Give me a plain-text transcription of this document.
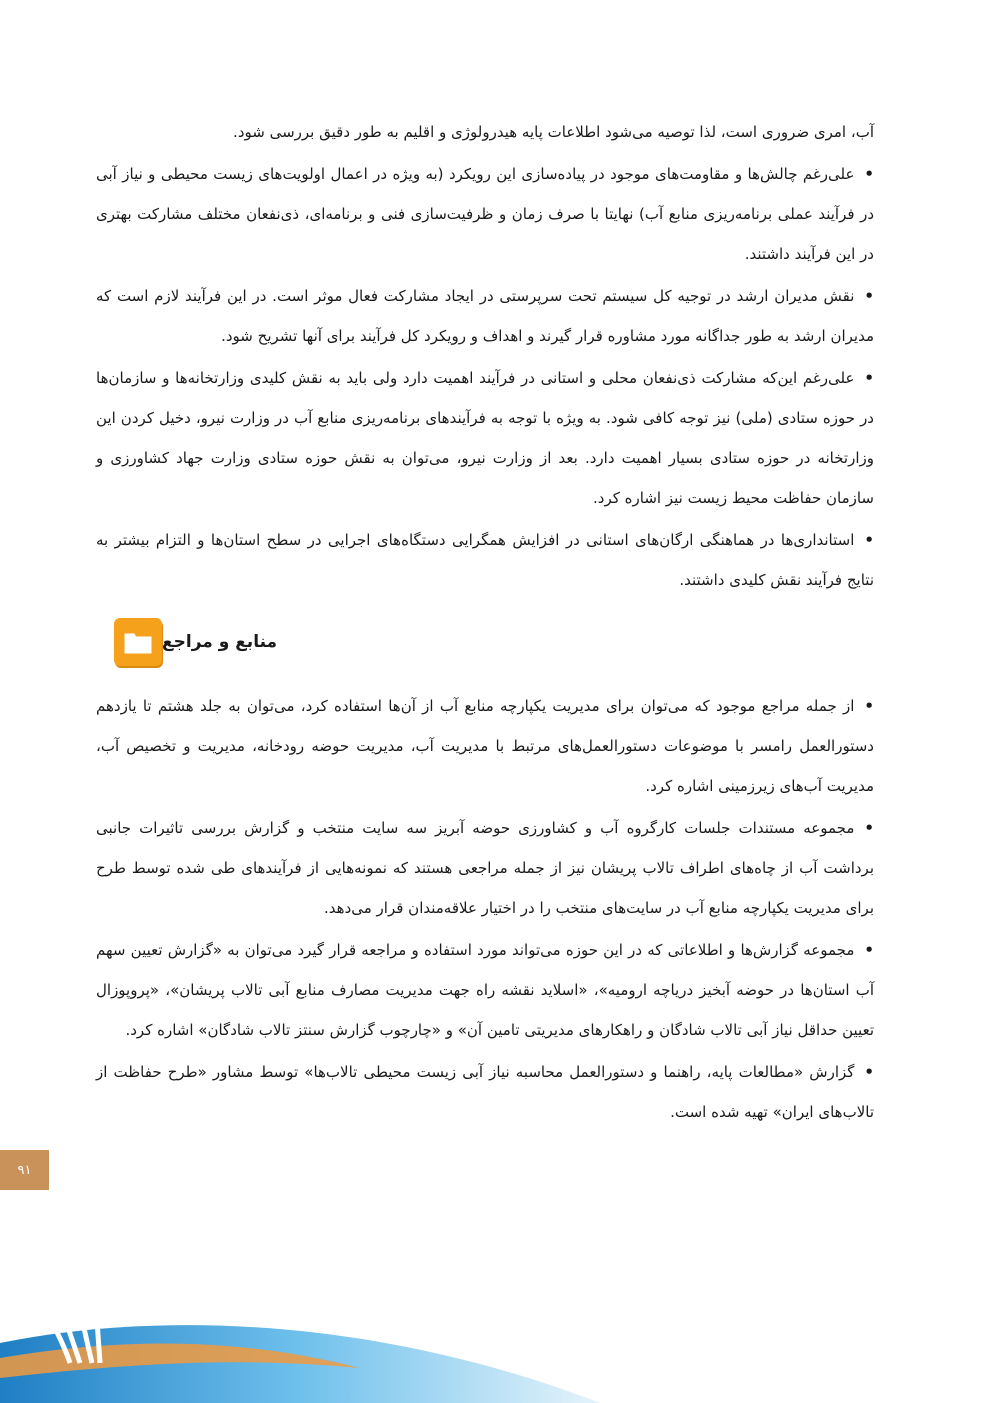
آب، امری ضروری است، لذا توصیه می‌شود اطلاعات پایه هیدرولوژی و اقلیم به طور دقیق بررسی شود.

• علی‌رغم چالش‌ها و مقاومت‌های موجود در پیاده‌سازی این رویکرد (به ویژه در اعمال اولویت‌های زیست محیطی و نیاز آبی در فرآیند عملی برنامه‌ریزی منابع آب) نهایتا با صرف زمان و ظرفیت‌سازی فنی و برنامه‌ای، ذی‌نفعان مختلف مشارکت بهتری در این فرآیند داشتند.

• نقش مدیران ارشد در توجیه کل سیستم تحت سرپرستی در ایجاد مشارکت فعال موثر است. در این فرآیند لازم است که مدیران ارشد به طور جداگانه مورد مشاوره قرار گیرند و اهداف و رویکرد کل فرآیند برای آنها تشریح شود.

• علی‌رغم این‌که مشارکت ذی‌نفعان محلی و استانی در فرآیند اهمیت دارد ولی باید به نقش کلیدی وزارتخانه‌ها و سازمان‌ها در حوزه ستادی (ملی) نیز توجه کافی شود. به ویژه با توجه به فرآیندهای برنامه‌ریزی منابع آب در وزارت نیرو، دخیل کردن این وزارتخانه در حوزه ستادی بسیار اهمیت دارد. بعد از وزارت نیرو، می‌توان به نقش حوزه ستادی وزارت جهاد کشاورزی و سازمان حفاظت محیط زیست نیز اشاره کرد.

• استانداری‌ها در هماهنگی ارگان‌های استانی در افزایش همگرایی دستگاه‌های اجرایی در سطح استان‌ها و التزام بیشتر به نتایج فرآیند نقش کلیدی داشتند.

منابع و مراجع

• از جمله مراجع موجود که می‌توان برای مدیریت یکپارچه منابع آب از آن‌ها استفاده کرد، می‌توان به جلد هشتم تا یازدهم دستورالعمل رامسر با موضوعات دستورالعمل‌های مرتبط با مدیریت آب، مدیریت حوضه رودخانه، مدیریت و تخصیص آب، مدیریت آب‌های زیرزمینی اشاره کرد.

• مجموعه مستندات جلسات کارگروه آب و کشاورزی حوضه آبریز سه سایت منتخب و گزارش بررسی تاثیرات جانبی برداشت آب از چاه‌های اطراف تالاب پریشان نیز از جمله مراجعی هستند که نمونه‌هایی از فرآیندهای طی شده توسط طرح برای مدیریت یکپارچه منابع آب در سایت‌های منتخب را در اختیار علاقه‌مندان قرار می‌دهد.

• مجموعه گزارش‌ها و اطلاعاتی که در این حوزه می‌تواند مورد استفاده و مراجعه قرار گیرد می‌توان به «گزارش تعیین سهم آب استان‌ها در حوضه آبخیز دریاچه ارومیه»، «اسلاید نقشه راه جهت مدیریت مصارف منابع آبی تالاب پریشان»، «پروپوزال تعیین حداقل نیاز آبی تالاب شادگان و راهکارهای مدیریتی تامین آن» و «چارچوب گزارش سنتز تالاب شادگان» اشاره کرد.

• گزارش «مطالعات پایه، راهنما و دستورالعمل محاسبه نیاز آبی زیست محیطی تالاب‌ها» توسط مشاور «طرح حفاظت از تالاب‌های ایران» تهیه شده است.

۹۱
